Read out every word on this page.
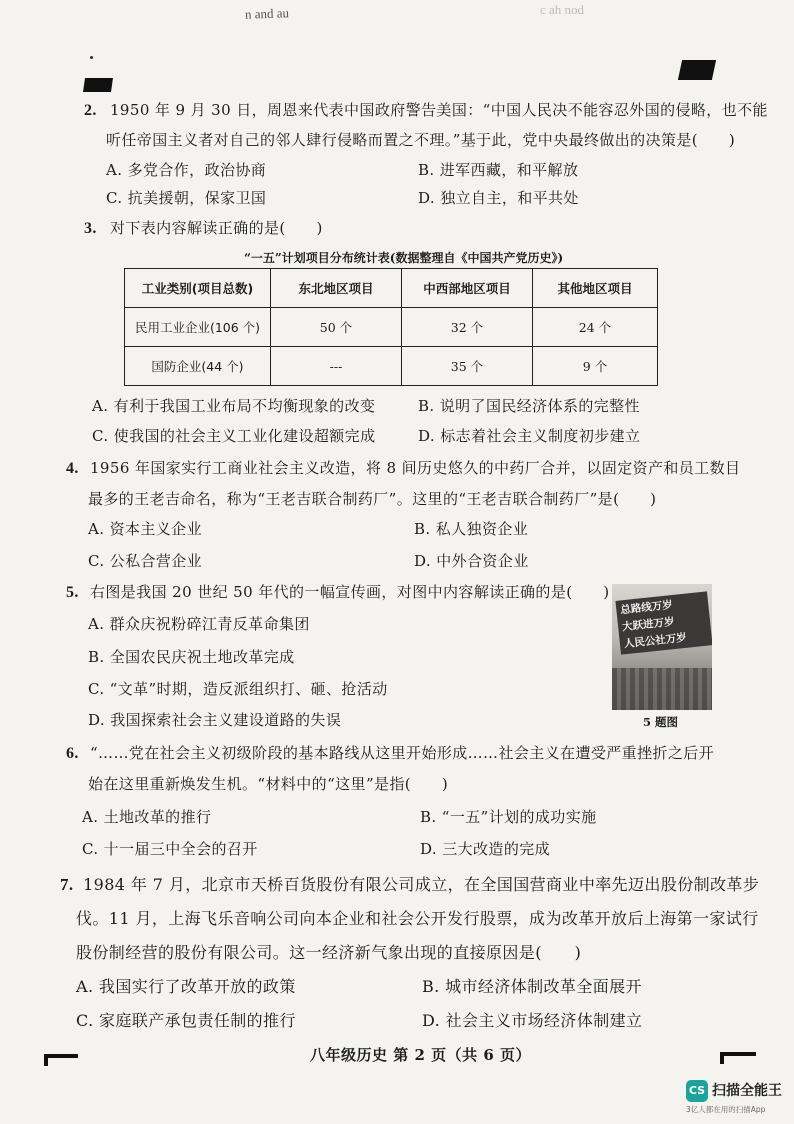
n and au	c ah nod
2. 1950 年 9 月 30 日，周恩来代表中国政府警告美国：“中国人民决不能容忍外国的侵略，也不能
听任帝国主义者对自己的邻人肆行侵略而置之不理。”基于此，党中央最终做出的决策是(　　)
A. 多党合作，政治协商	B. 进军西藏，和平解放
C. 抗美援朝，保家卫国	D. 独立自主，和平共处
3. 对下表内容解读正确的是(　　)
“一五”计划项目分布统计表(数据整理自《中国共产党历史》)
工业类别(项目总数)	东北地区项目	中西部地区项目	其他地区项目
民用工业企业(106 个)	50 个	32 个	24 个
国防企业(44 个)	---	35 个	9 个
A. 有利于我国工业布局不均衡现象的改变	B. 说明了国民经济体系的完整性
C. 使我国的社会主义工业化建设超额完成	D. 标志着社会主义制度初步建立
4. 1956 年国家实行工商业社会主义改造，将 8 间历史悠久的中药厂合并，以固定资产和员工数目
最多的王老吉命名，称为“王老吉联合制药厂”。这里的“王老吉联合制药厂”是(　　)
A. 资本主义企业	B. 私人独资企业
C. 公私合营企业	D. 中外合资企业
5. 右图是我国 20 世纪 50 年代的一幅宣传画，对图中内容解读正确的是(　　)
A. 群众庆祝粉碎江青反革命集团
B. 全国农民庆祝土地改革完成
C. “文革”时期，造反派组织打、砸、抢活动
D. 我国探索社会主义建设道路的失误
总路线万岁
大跃进万岁
人民公社万岁
5 题图
6. “……党在社会主义初级阶段的基本路线从这里开始形成……社会主义在遭受严重挫折之后开
始在这里重新焕发生机。“材料中的“这里”是指(　　)
A. 土地改革的推行	B. “一五”计划的成功实施
C. 十一届三中全会的召开	D. 三大改造的完成
7. 1984 年 7 月，北京市天桥百货股份有限公司成立，在全国国营商业中率先迈出股份制改革步
伐。11 月，上海飞乐音响公司向本企业和社会公开发行股票，成为改革开放后上海第一家试行
股份制经营的股份有限公司。这一经济新气象出现的直接原因是(　　)
A. 我国实行了改革开放的政策	B. 城市经济体制改革全面展开
C. 家庭联产承包责任制的推行	D. 社会主义市场经济体制建立
八年级历史 第 2 页（共 6 页）
CS 扫描全能王
3亿人都在用的扫描App
